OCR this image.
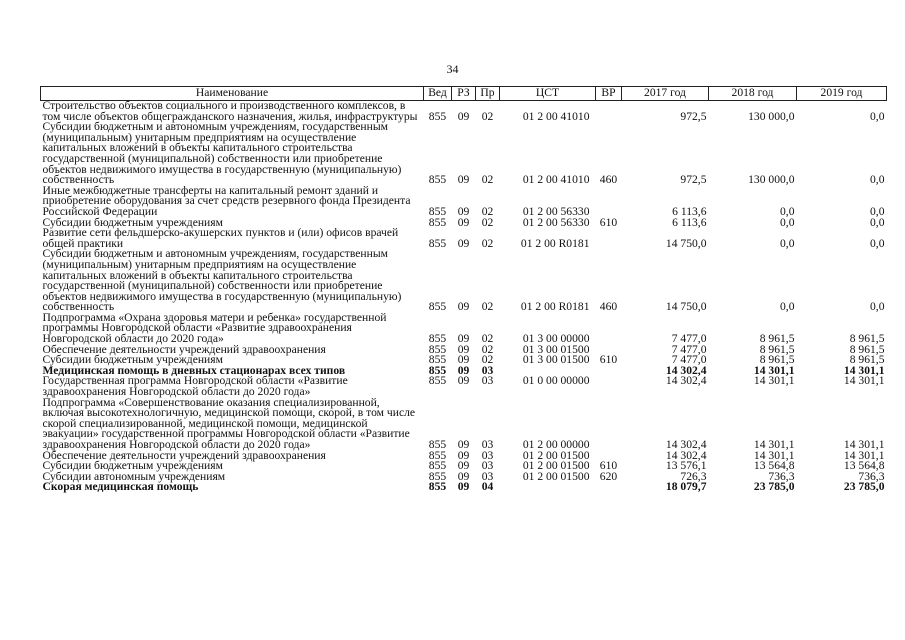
34
Наименование	Вед	РЗ	Пр	ЦСТ	ВР	2017 год	2018 год	2019 год
Строительство объектов социального и производственного комплексов, в том числе объектов общегражданского назначения, жилья, инфраструктуры	855	09	02	01 2 00 41010		972,5	130 000,0	0,0
Субсидии бюджетным и автономным учреждениям, государственным (муниципальным) унитарным предприятиям на осуществление капитальных вложений в объекты капитального строительства государственной (муниципальной) собственности или приобретение объектов недвижимого имущества в государственную (муниципальную) собственность	855	09	02	01 2 00 41010	460	972,5	130 000,0	0,0
Иные межбюджетные трансферты на капитальный ремонт зданий и приобретение оборудования за счет средств резервного фонда Президента Российской Федерации	855	09	02	01 2 00 56330		6 113,6	0,0	0,0
Субсидии бюджетным учреждениям	855	09	02	01 2 00 56330	610	6 113,6	0,0	0,0
Развитие сети фельдшерско-акушерских пунктов и (или) офисов врачей общей практики	855	09	02	01 2 00 R0181		14 750,0	0,0	0,0
Субсидии бюджетным и автономным учреждениям, государственным (муниципальным) унитарным предприятиям на осуществление капитальных вложений в объекты капитального строительства государственной (муниципальной) собственности или приобретение объектов недвижимого имущества в государственную (муниципальную) собственность	855	09	02	01 2 00 R0181	460	14 750,0	0,0	0,0
Подпрограмма «Охрана здоровья матери и ребенка» государственной программы Новгородской области «Развитие здравоохранения Новгородской области до 2020 года»	855	09	02	01 3 00 00000		7 477,0	8 961,5	8 961,5
Обеспечение деятельности учреждений здравоохранения	855	09	02	01 3 00 01500		7 477,0	8 961,5	8 961,5
Субсидии бюджетным учреждениям	855	09	02	01 3 00 01500	610	7 477,0	8 961,5	8 961,5
Медицинская помощь в дневных стационарах всех типов	855	09	03			14 302,4	14 301,1	14 301,1
Государственная программа Новгородской области «Развитие здравоохранения Новгородской области до 2020 года»	855	09	03	01 0 00 00000		14 302,4	14 301,1	14 301,1
Подпрограмма «Совершенствование оказания специализированной, включая высокотехнологичную, медицинской помощи, скорой, в том числе скорой специализированной, медицинской помощи, медицинской эвакуации» государственной программы Новгородской области «Развитие здравоохранения Новгородской области до 2020 года»	855	09	03	01 2 00 00000		14 302,4	14 301,1	14 301,1
Обеспечение деятельности учреждений здравоохранения	855	09	03	01 2 00 01500		14 302,4	14 301,1	14 301,1
Субсидии бюджетным учреждениям	855	09	03	01 2 00 01500	610	13 576,1	13 564,8	13 564,8
Субсидии автономным учреждениям	855	09	03	01 2 00 01500	620	726,3	736,3	736,3
Скорая медицинская помощь	855	09	04			18 079,7	23 785,0	23 785,0
